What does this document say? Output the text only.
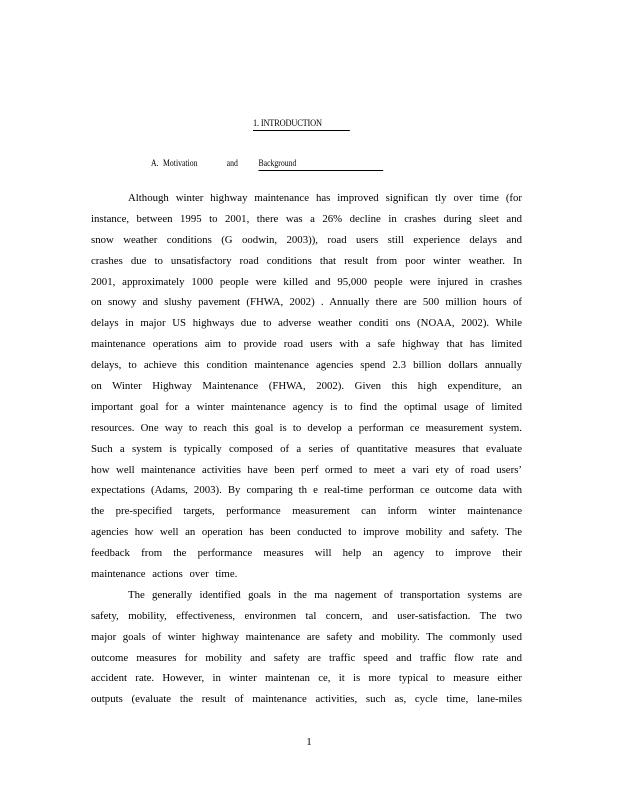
1. INTRODUCTION
A. Motivation	and Background
Although winter highway maintenance has improved significan tly over time (for
instance, between 1995 to 2001, there was a 26% decline in crashes during sleet and
snow weather conditions (G oodwin, 2003)), road users still experience delays and
crashes due to unsatisfactory road conditions that result from poor winter weather. In
2001, approximately 1000 people were killed and 95,000 people were injured in crashes
on snowy and slushy pavement (FHWA, 2002) . Annually there are 500 million hours of
delays in major US highways due to adverse weather conditi ons (NOAA, 2002). While
maintenance operations aim to provide road users with a safe highway that has limited
delays, to achieve this condition maintenance agencies spend 2.3 billion dollars annually
on Winter Highway Maintenance (FHWA, 2002). Given this high expenditure, an
important goal for a winter maintenance agency is to find the optimal usage of limited
resources. One way to reach this goal is to develop a performan ce measurement system.
Such a system is typically composed of a series of quantitative measures that evaluate
how well maintenance activities have been perf ormed to meet a vari ety of road users’
expectations (Adams, 2003). By comparing th e real-time performan ce outcome data with
the pre-specified targets, performance measurement can inform winter maintenance
agencies how well an operation has been conducted to improve mobility and safety. The
feedback from the performance measures will help an agency to improve their
maintenance actions over time.
The generally identified goals in the ma nagement of transportation systems are
safety, mobility, effectiveness, environmen tal concern, and user-satisfaction. The two
major goals of winter highway maintenance are safety and mobility. The commonly used
outcome measures for mobility and safety are traffic speed and traffic flow rate and
accident rate. However, in winter maintenan ce, it is more typical to measure either
outputs (evaluate the result of maintenance activities, such as, cycle time, lane-miles
1
